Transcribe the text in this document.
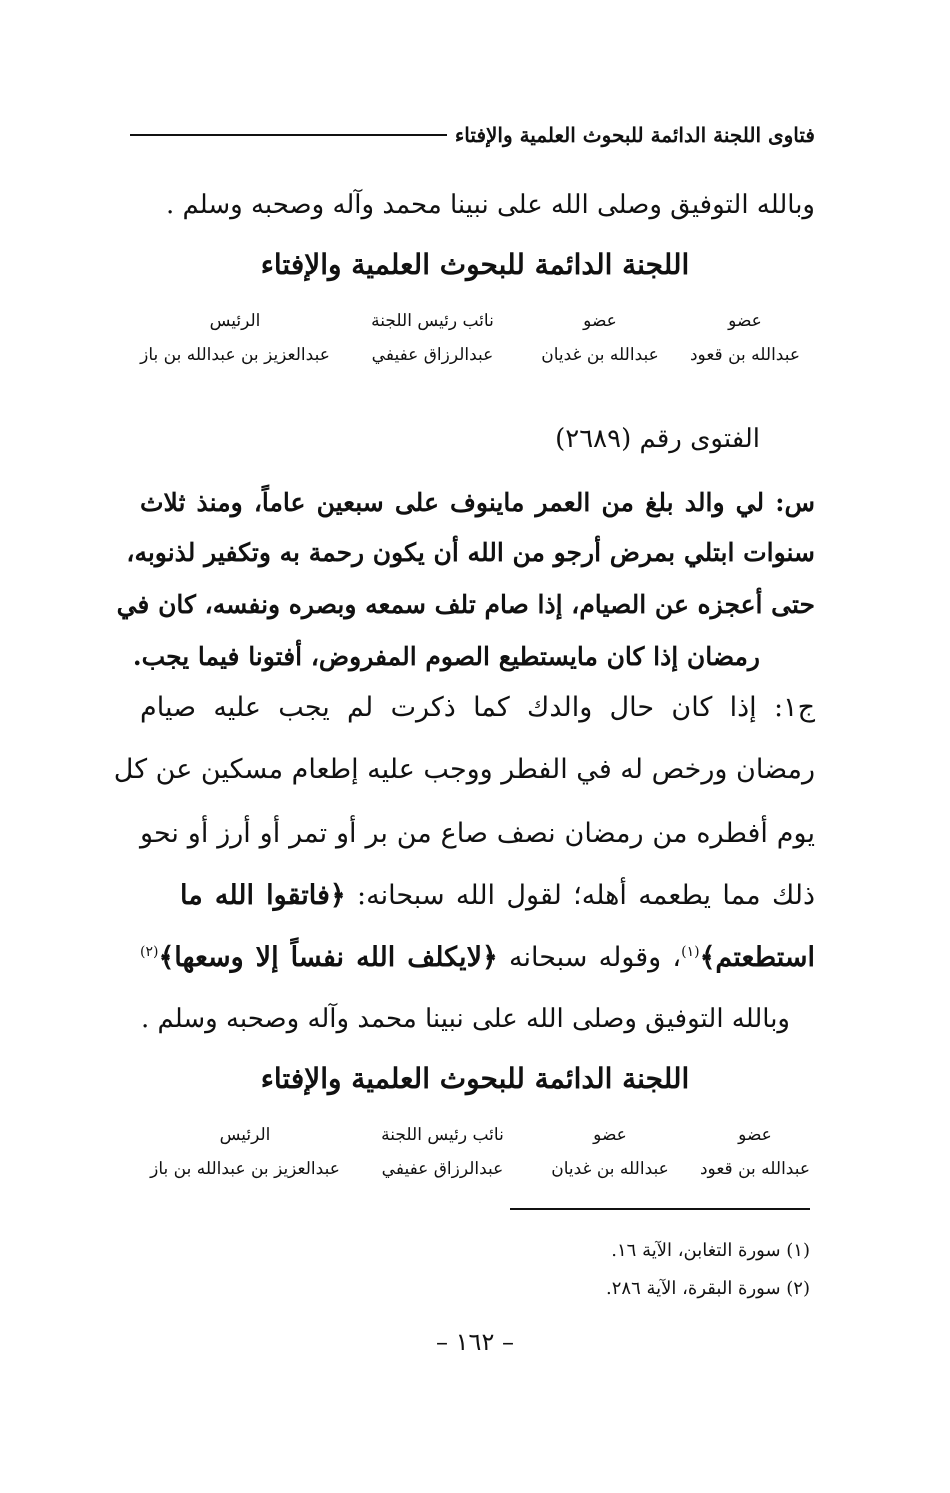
فتاوى اللجنة الدائمة للبحوث العلمية والإفتاء
وبالله التوفيق وصلى الله على نبينا محمد وآله وصحبه وسلم .
اللجنة الدائمة للبحوث العلمية والإفتاء
عضو
عبدالله بن قعود
عضو
عبدالله بن غديان
نائب رئيس اللجنة
عبدالرزاق عفيفي
الرئيس
عبدالعزيز بن عبدالله بن باز
الفتوى رقم (٢٦٨٩)
س: لي والد بلغ من العمر ماينوف على سبعين عاماً، ومنذ ثلاث
سنوات ابتلي بمرض أرجو من الله أن يكون رحمة به وتكفير لذنوبه،
حتى أعجزه عن الصيام، إذا صام تلف سمعه وبصره ونفسه، كان في
رمضان إذا كان مايستطيع الصوم المفروض، أفتونا فيما يجب.
ج١: إذا كان حال والدك كما ذكرت لم يجب عليه صيام
رمضان ورخص له في الفطر ووجب عليه إطعام مسكين عن كل
يوم أفطره من رمضان نصف صاع من بر أو تمر أو أرز أو نحو
ذلك مما يطعمه أهله؛ لقول الله سبحانه: ﴿فاتقوا الله ما
استطعتم﴾$^{(١)}$، وقوله سبحانه ﴿لايكلف الله نفساً إلا وسعها﴾$^{(٢)}$
وبالله التوفيق وصلى الله على نبينا محمد وآله وصحبه وسلم .
اللجنة الدائمة للبحوث العلمية والإفتاء
عضو
عبدالله بن قعود
عضو
عبدالله بن غديان
نائب رئيس اللجنة
عبدالرزاق عفيفي
الرئيس
عبدالعزيز بن عبدالله بن باز
(١) سورة التغابن، الآية ١٦.
(٢) سورة البقرة، الآية ٢٨٦.
– ١٦٢ –
